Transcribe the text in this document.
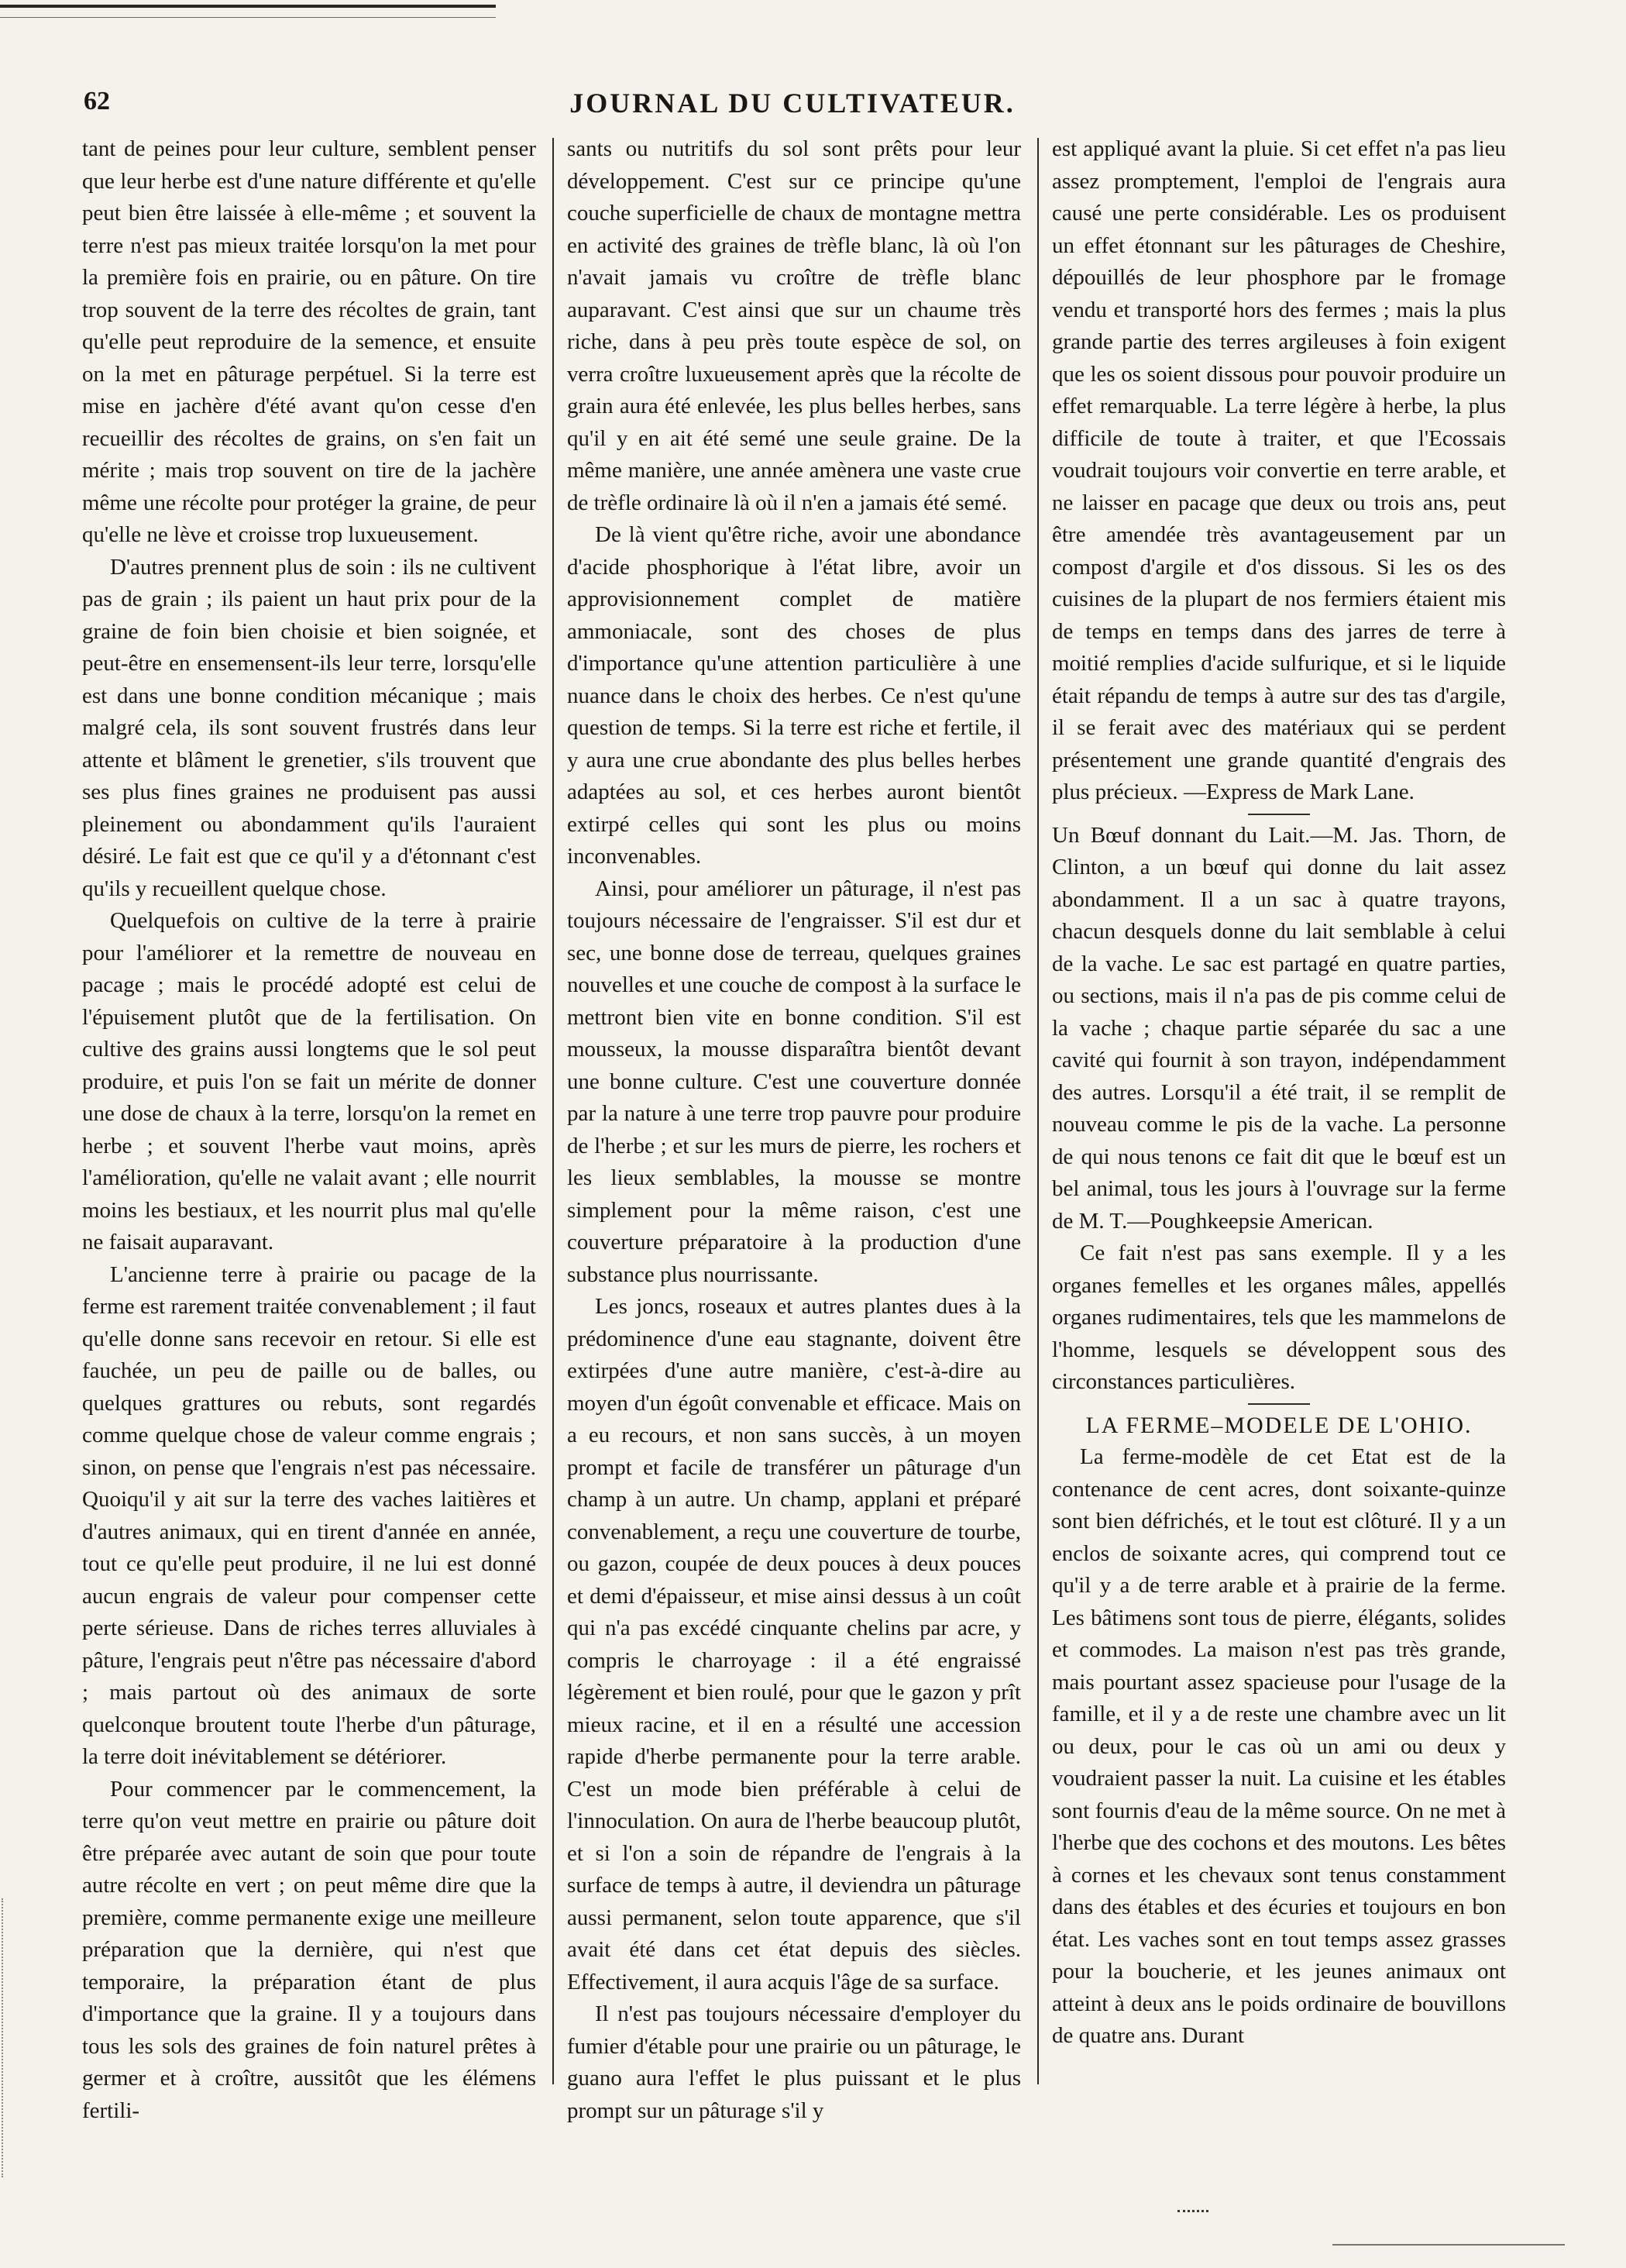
62	JOURNAL DU CULTIVATEUR.

tant de peines pour leur culture, semblent penser que leur herbe est d'une nature différente et qu'elle peut bien être laissée à elle-même ; et souvent la terre n'est pas mieux traitée lorsqu'on la met pour la première fois en prairie, ou en pâture. On tire trop souvent de la terre des récoltes de grain, tant qu'elle peut reproduire de la semence, et ensuite on la met en pâturage perpétuel. Si la terre est mise en jachère d'été avant qu'on cesse d'en recueillir des récoltes de grains, on s'en fait un mérite ; mais trop souvent on tire de la jachère même une récolte pour protéger la graine, de peur qu'elle ne lève et croisse trop luxueusement.

D'autres prennent plus de soin : ils ne cultivent pas de grain ; ils paient un haut prix pour de la graine de foin bien choisie et bien soignée, et peut-être en ensemensent-ils leur terre, lorsqu'elle est dans une bonne condition mécanique ; mais malgré cela, ils sont souvent frustrés dans leur attente et blâment le grenetier, s'ils trouvent que ses plus fines graines ne produisent pas aussi pleinement ou abondamment qu'ils l'auraient désiré. Le fait est que ce qu'il y a d'étonnant c'est qu'ils y recueillent quelque chose.

Quelquefois on cultive de la terre à prairie pour l'améliorer et la remettre de nouveau en pacage ; mais le procédé adopté est celui de l'épuisement plutôt que de la fertilisation. On cultive des grains aussi longtems que le sol peut produire, et puis l'on se fait un mérite de donner une dose de chaux à la terre, lorsqu'on la remet en herbe ; et souvent l'herbe vaut moins, après l'amélioration, qu'elle ne valait avant ; elle nourrit moins les bestiaux, et les nourrit plus mal qu'elle ne faisait auparavant.

L'ancienne terre à prairie ou pacage de la ferme est rarement traitée convenablement ; il faut qu'elle donne sans recevoir en retour. Si elle est fauchée, un peu de paille ou de balles, ou quelques grattures ou rebuts, sont regardés comme quelque chose de valeur comme engrais ; sinon, on pense que l'engrais n'est pas nécessaire. Quoiqu'il y ait sur la terre des vaches laitières et d'autres animaux, qui en tirent d'année en année, tout ce qu'elle peut produire, il ne lui est donné aucun engrais de valeur pour compenser cette perte sérieuse. Dans de riches terres alluviales à pâture, l'engrais peut n'être pas nécessaire d'abord ; mais partout où des animaux de sorte quelconque broutent toute l'herbe d'un pâturage, la terre doit inévitablement se détériorer.

Pour commencer par le commencement, la terre qu'on veut mettre en prairie ou pâture doit être préparée avec autant de soin que pour toute autre récolte en vert ; on peut même dire que la première, comme permanente exige une meilleure préparation que la dernière, qui n'est que temporaire, la préparation étant de plus d'importance que la graine. Il y a toujours dans tous les sols des graines de foin naturel prêtes à germer et à croître, aussitôt que les élémens fertili-

sants ou nutritifs du sol sont prêts pour leur développement. C'est sur ce principe qu'une couche superficielle de chaux de montagne mettra en activité des graines de trèfle blanc, là où l'on n'avait jamais vu croître de trèfle blanc auparavant. C'est ainsi que sur un chaume très riche, dans à peu près toute espèce de sol, on verra croître luxueusement après que la récolte de grain aura été enlevée, les plus belles herbes, sans qu'il y en ait été semé une seule graine. De la même manière, une année amènera une vaste crue de trèfle ordinaire là où il n'en a jamais été semé.

De là vient qu'être riche, avoir une abondance d'acide phosphorique à l'état libre, avoir un approvisionnement complet de matière ammoniacale, sont des choses de plus d'importance qu'une attention particulière à une nuance dans le choix des herbes. Ce n'est qu'une question de temps. Si la terre est riche et fertile, il y aura une crue abondante des plus belles herbes adaptées au sol, et ces herbes auront bientôt extirpé celles qui sont les plus ou moins inconvenables.

Ainsi, pour améliorer un pâturage, il n'est pas toujours nécessaire de l'engraisser. S'il est dur et sec, une bonne dose de terreau, quelques graines nouvelles et une couche de compost à la surface le mettront bien vite en bonne condition. S'il est mousseux, la mousse disparaîtra bientôt devant une bonne culture. C'est une couverture donnée par la nature à une terre trop pauvre pour produire de l'herbe ; et sur les murs de pierre, les rochers et les lieux semblables, la mousse se montre simplement pour la même raison, c'est une couverture préparatoire à la production d'une substance plus nourrissante.

Les joncs, roseaux et autres plantes dues à la prédominence d'une eau stagnante, doivent être extirpées d'une autre manière, c'est-à-dire au moyen d'un égoût convenable et efficace. Mais on a eu recours, et non sans succès, à un moyen prompt et facile de transférer un pâturage d'un champ à un autre. Un champ, applani et préparé convenablement, a reçu une couverture de tourbe, ou gazon, coupée de deux pouces à deux pouces et demi d'épaisseur, et mise ainsi dessus à un coût qui n'a pas excédé cinquante chelins par acre, y compris le charroyage : il a été engraissé légèrement et bien roulé, pour que le gazon y prît mieux racine, et il en a résulté une accession rapide d'herbe permanente pour la terre arable. C'est un mode bien préférable à celui de l'innoculation. On aura de l'herbe beaucoup plutôt, et si l'on a soin de répandre de l'engrais à la surface de temps à autre, il deviendra un pâturage aussi permanent, selon toute apparence, que s'il avait été dans cet état depuis des siècles. Effectivement, il aura acquis l'âge de sa surface.

Il n'est pas toujours nécessaire d'employer du fumier d'étable pour une prairie ou un pâturage, le guano aura l'effet le plus puissant et le plus prompt sur un pâturage s'il y

est appliqué avant la pluie. Si cet effet n'a pas lieu assez promptement, l'emploi de l'engrais aura causé une perte considérable. Les os produisent un effet étonnant sur les pâturages de Cheshire, dépouillés de leur phosphore par le fromage vendu et transporté hors des fermes ; mais la plus grande partie des terres argileuses à foin exigent que les os soient dissous pour pouvoir produire un effet remarquable. La terre légère à herbe, la plus difficile de toute à traiter, et que l'Ecossais voudrait toujours voir convertie en terre arable, et ne laisser en pacage que deux ou trois ans, peut être amendée très avantageusement par un compost d'argile et d'os dissous. Si les os des cuisines de la plupart de nos fermiers étaient mis de temps en temps dans des jarres de terre à moitié remplies d'acide sulfurique, et si le liquide était répandu de temps à autre sur des tas d'argile, il se ferait avec des matériaux qui se perdent présentement une grande quantité d'engrais des plus précieux. —Express de Mark Lane.

Un Bœuf donnant du Lait.—M. Jas. Thorn, de Clinton, a un bœuf qui donne du lait assez abondamment. Il a un sac à quatre trayons, chacun desquels donne du lait semblable à celui de la vache. Le sac est partagé en quatre parties, ou sections, mais il n'a pas de pis comme celui de la vache ; chaque partie séparée du sac a une cavité qui fournit à son trayon, indépendamment des autres. Lorsqu'il a été trait, il se remplit de nouveau comme le pis de la vache. La personne de qui nous tenons ce fait dit que le bœuf est un bel animal, tous les jours à l'ouvrage sur la ferme de M. T.—Poughkeepsie American.

Ce fait n'est pas sans exemple. Il y a les organes femelles et les organes mâles, appellés organes rudimentaires, tels que les mammelons de l'homme, lesquels se développent sous des circonstances particulières.

LA FERME–MODELE DE L'OHIO.

La ferme-modèle de cet Etat est de la contenance de cent acres, dont soixante-quinze sont bien défrichés, et le tout est clôturé. Il y a un enclos de soixante acres, qui comprend tout ce qu'il y a de terre arable et à prairie de la ferme. Les bâtimens sont tous de pierre, élégants, solides et commodes. La maison n'est pas très grande, mais pourtant assez spacieuse pour l'usage de la famille, et il y a de reste une chambre avec un lit ou deux, pour le cas où un ami ou deux y voudraient passer la nuit. La cuisine et les étables sont fournis d'eau de la même source. On ne met à l'herbe que des cochons et des moutons. Les bêtes à cornes et les chevaux sont tenus constamment dans des étables et des écuries et toujours en bon état. Les vaches sont en tout temps assez grasses pour la boucherie, et les jeunes animaux ont atteint à deux ans le poids ordinaire de bouvillons de quatre ans. Durant
